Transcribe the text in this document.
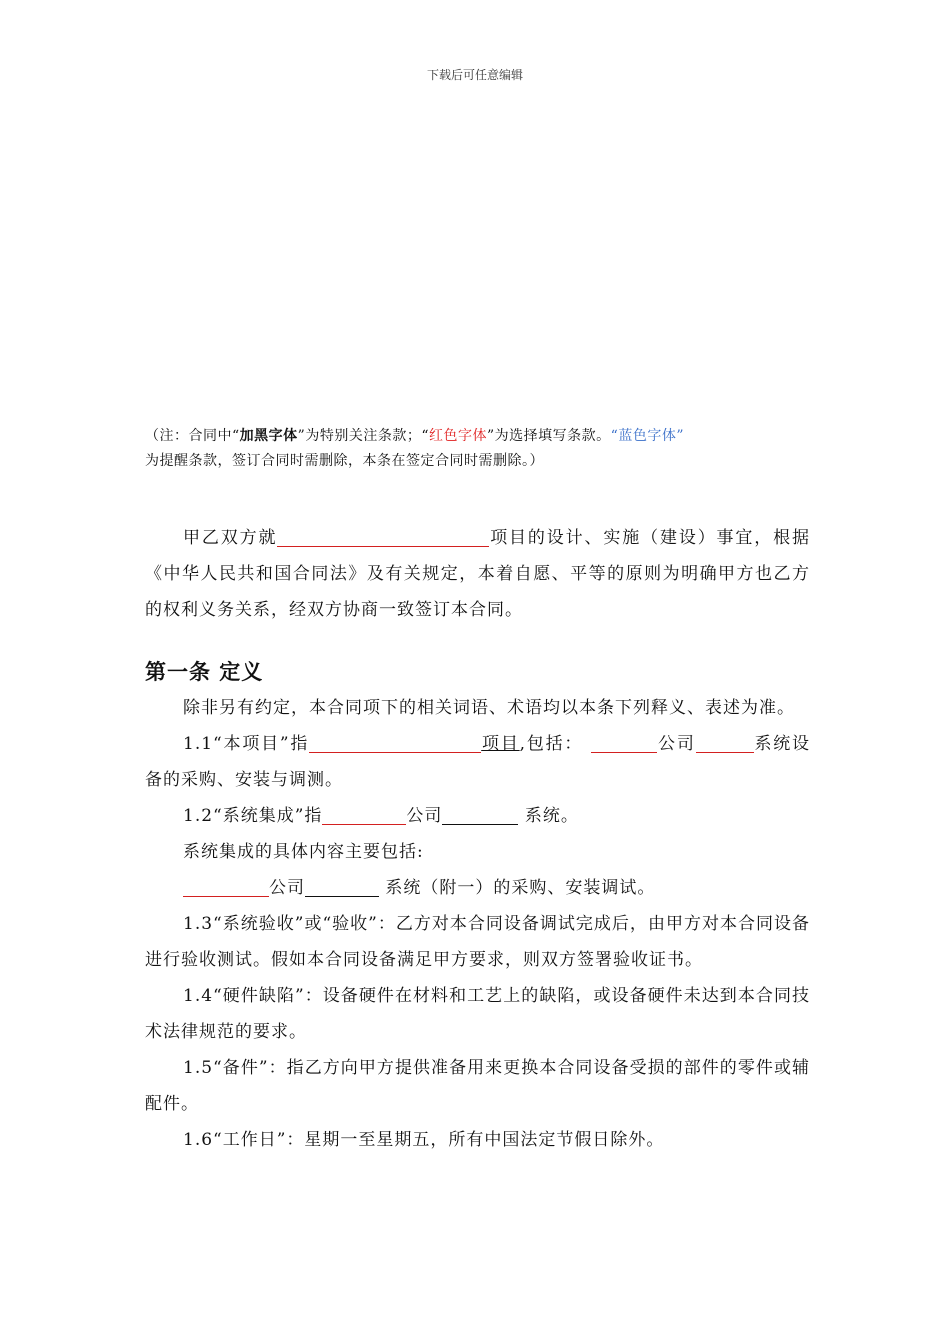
下载后可任意编辑
（注：合同中“加黑字体”为特别关注条款；“红色字体”为选择填写条款。“蓝色字体”
为提醒条款，签订合同时需删除，本条在签定合同时需删除。）

甲乙双方就	项目的设计、实施（建设）事宜，根据《中华人民共和国合同法》及有关规定，本着自愿、平等的原则为明确甲方也乙方的权利义务关系，经双方协商一致签订本合同。

第一条 定义

除非另有约定，本合同项下的相关词语、术语均以本条下列释义、表述为准。

1.1“本项目”指	项目,包括：	公司	系统设备的采购、安装与调测。

1.2“系统集成”指	公司	系统。

系统集成的具体内容主要包括:

公司	系统（附一）的采购、安装调试。

1.3“系统验收”或“验收”：乙方对本合同设备调试完成后，由甲方对本合同设备进行验收测试。假如本合同设备满足甲方要求，则双方签署验收证书。

1.4“硬件缺陷”：设备硬件在材料和工艺上的缺陷，或设备硬件未达到本合同技术法律规范的要求。

1.5“备件”：指乙方向甲方提供准备用来更换本合同设备受损的部件的零件或辅配件。

1.6“工作日”：星期一至星期五，所有中国法定节假日除外。
